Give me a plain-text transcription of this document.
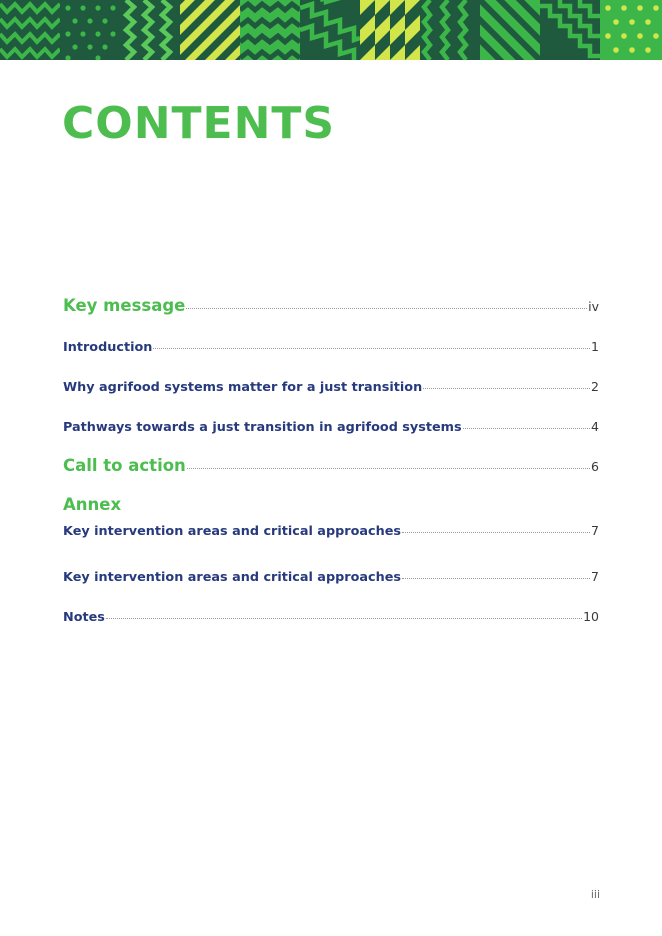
CONTENTS
Key message	iv
Introduction	1
Why agrifood systems matter for a just transition	2
Pathways towards a just transition in agrifood systems	4
Call to action	6
Annex
Key intervention areas and critical approaches	7
Key intervention areas and critical approaches	7
Notes	10
iii
